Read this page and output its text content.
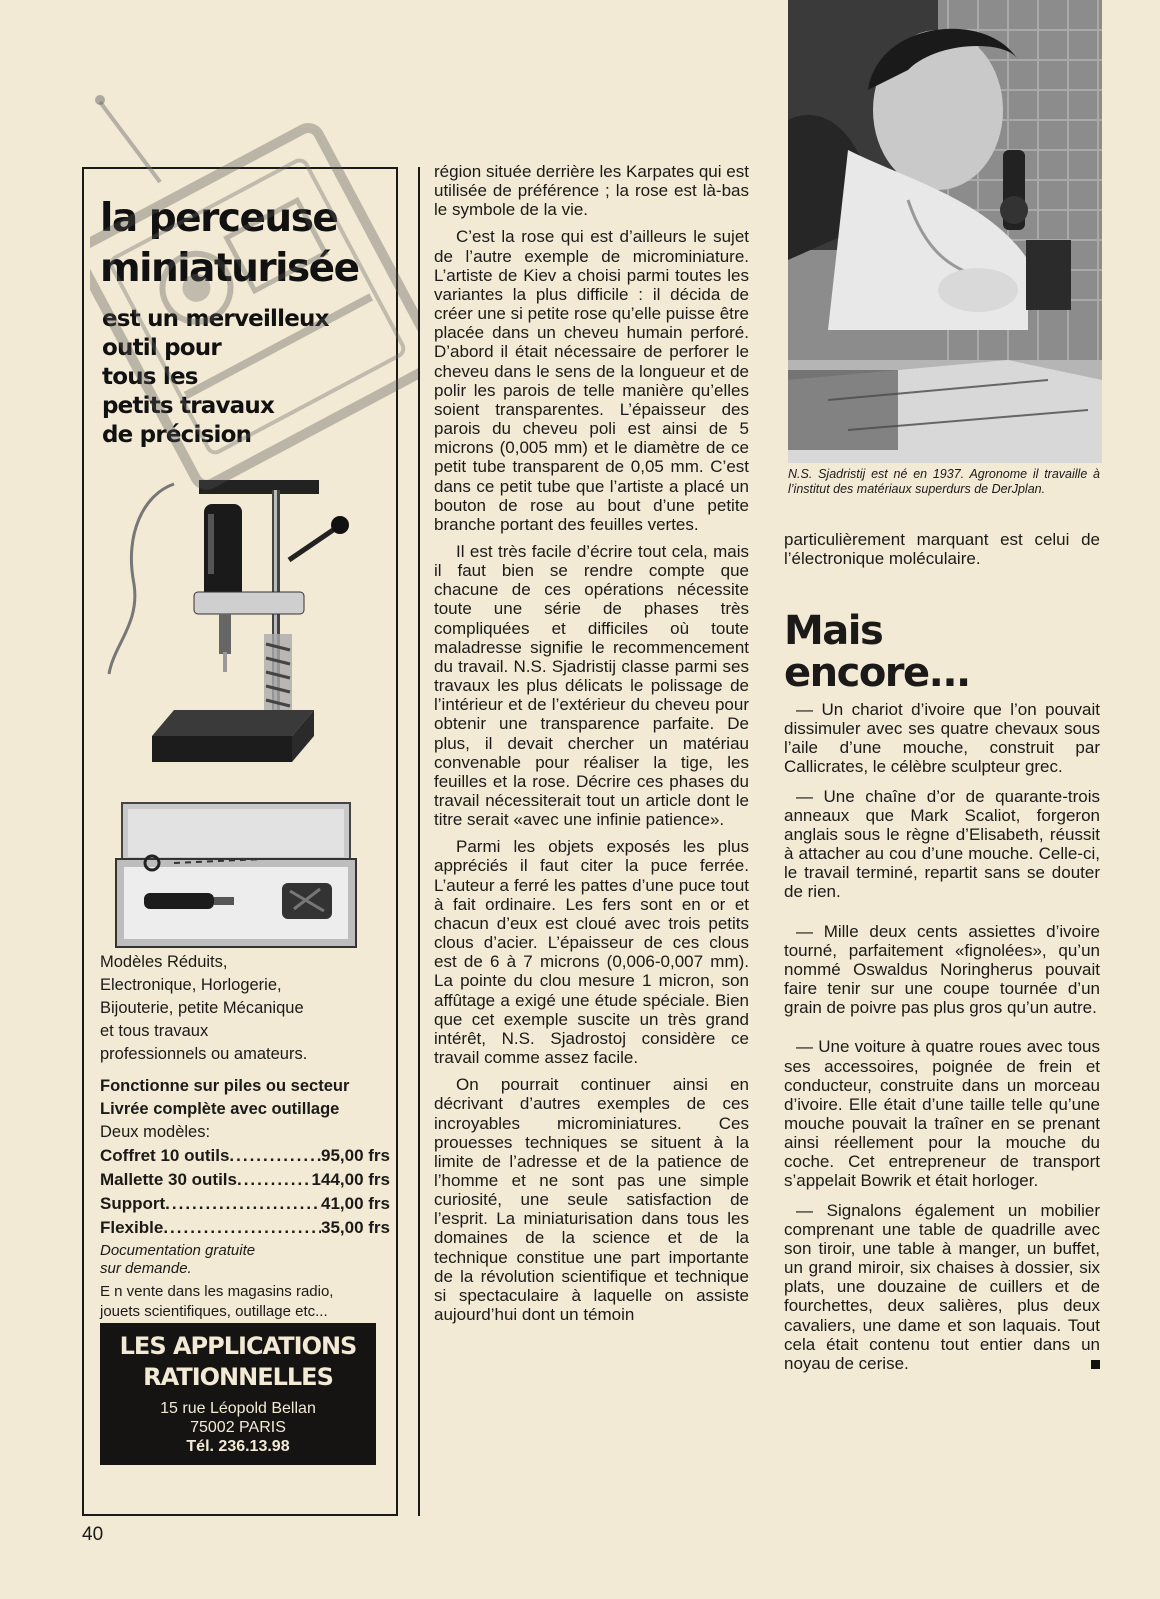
la perceuse
miniaturisée
est un merveilleux
outil pour
tous les
petits travaux
de précision

Modèles Réduits,

Electronique, Horlogerie,

Bijouterie, petite Mécanique

et tous travaux

professionnels ou amateurs.

Fonctionne sur piles ou secteur

Livrée complète avec outillage

Deux modèles:

Coffret 10 outils .....	95,00 frs
Mallette 30 outils .....	144,00 frs
Support .....	41,00 frs
Flexible .....	35,00 frs

Documentation gratuite
sur demande.

E n vente dans les magasins radio,
jouets scientifiques, outillage etc...

LES APPLICATIONS
RATIONNELLES
15 rue Léopold Bellan
75002 PARIS
Tél. 236.13.98

région située derrière les Karpates qui est utilisée de préférence ; la rose est là-bas le symbole de la vie.

C’est la rose qui est d’ailleurs le sujet de l’autre exemple de microminiature. L’artiste de Kiev a choisi parmi toutes les variantes la plus difficile : il décida de créer une si petite rose qu’elle puisse être placée dans un cheveu humain perforé. D’abord il était nécessaire de perforer le cheveu dans le sens de la longueur et de polir les parois de telle manière qu’elles soient transparentes. L’épaisseur des parois du cheveu poli est ainsi de 5 microns (0,005 mm) et le diamètre de ce petit tube transparent de 0,05 mm. C’est dans ce petit tube que l’artiste a placé un bouton de rose au bout d’une petite branche portant des feuilles vertes.

Il est très facile d’écrire tout cela, mais il faut bien se rendre compte que chacune de ces opérations nécessite toute une série de phases très compliquées et difficiles où toute maladresse signifie le recommencement du travail. N.S. Sjadristij classe parmi ses travaux les plus délicats le polissage de l’intérieur et de l’extérieur du cheveu pour obtenir une transparence parfaite. De plus, il devait chercher un matériau convenable pour réaliser la tige, les feuilles et la rose. Décrire ces phases du travail nécessiterait tout un article dont le titre serait «avec une infinie patience».

Parmi les objets exposés les plus appréciés il faut citer la puce ferrée. L’auteur a ferré les pattes d’une puce tout à fait ordinaire. Les fers sont en or et chacun d’eux est cloué avec trois petits clous d’acier. L’épaisseur de ces clous est de 6 à 7 microns (0,006-0,007 mm). La pointe du clou mesure 1 micron, son affûtage a exigé une étude spéciale. Bien que cet exemple suscite un très grand intérêt, N.S. Sjadrostoj considère ce travail comme assez facile.

On pourrait continuer ainsi en décrivant d’autres exemples de ces incroyables microminiatures. Ces prouesses techniques se situent à la limite de l’adresse et de la patience de l’homme et ne sont pas une simple curiosité, une seule satisfaction de l’esprit. La miniaturisation dans tous les domaines de la science et de la technique constitue une part importante de la révolution scientifique et technique si spectaculaire à laquelle on assiste aujourd’hui dont un témoin

N.S. Sjadristij est né en 1937. Agronome il travaille à l’institut des matériaux superdurs de DerJplan.

particulièrement marquant est celui de l’électronique moléculaire.

Mais
encore...

— Un chariot d’ivoire que l’on pouvait dissimuler avec ses quatre chevaux sous l’aile d’une mouche, construit par Callicrates, le célèbre sculpteur grec.

— Une chaîne d’or de quarante-trois anneaux que Mark Scaliot, forgeron anglais sous le règne d’Elisabeth, réussit à attacher au cou d’une mouche. Celle-ci, le travail terminé, repartit sans se douter de rien.

— Mille deux cents assiettes d’ivoire tourné, parfaitement «fignolées», qu’un nommé Oswaldus Noringherus pouvait faire tenir sur une coupe tournée d’un grain de poivre pas plus gros qu’un autre.

— Une voiture à quatre roues avec tous ses accessoires, poignée de frein et conducteur, construite dans un morceau d’ivoire. Elle était d’une taille telle qu’une mouche pouvait la traîner en se prenant ainsi réellement pour la mouche du coche. Cet entrepreneur de transport s’appelait Bowrik et était horloger.

— Signalons également un mobilier comprenant une table de quadrille avec son tiroir, une table à manger, un buffet, un grand miroir, six chaises à dossier, six plats, une douzaine de cuillers et de fourchettes, deux salières, plus deux cavaliers, une dame et son laquais. Tout cela était contenu tout entier dans un noyau de cerise.

40
